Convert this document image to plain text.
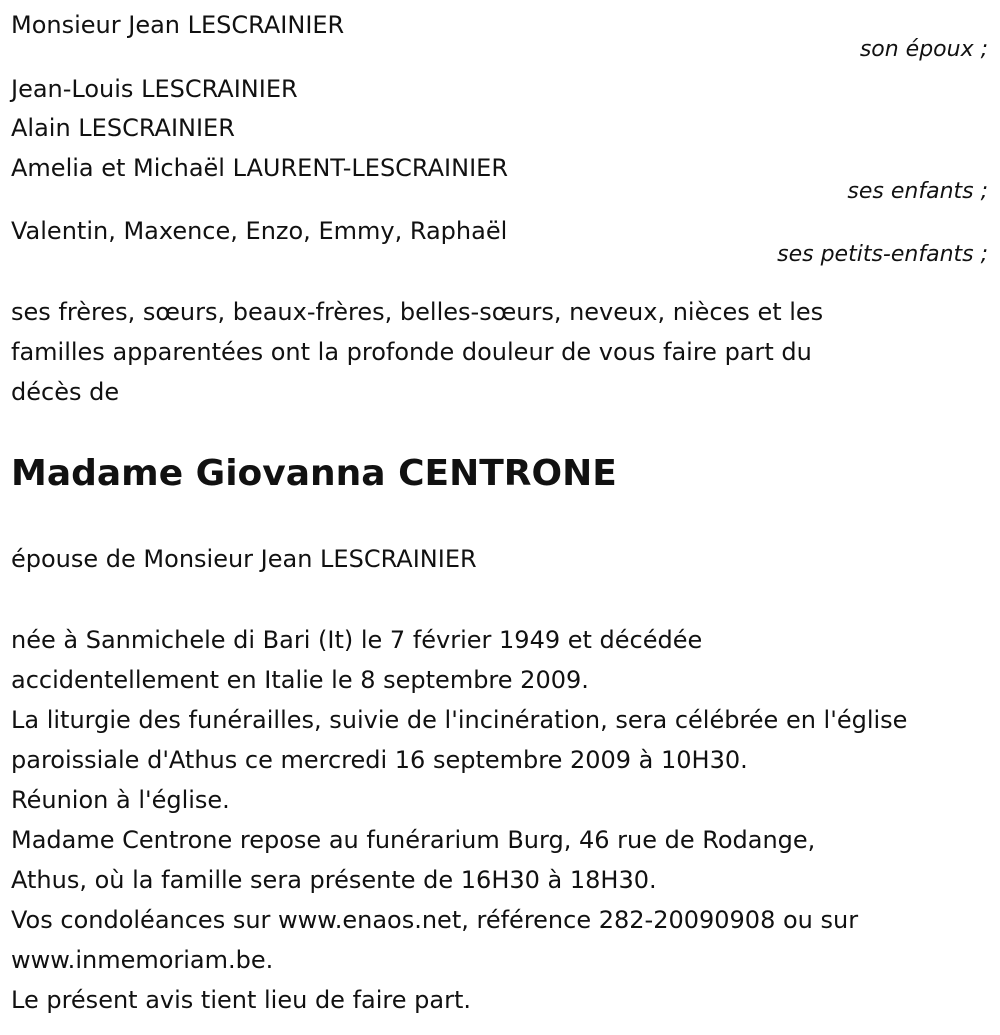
Monsieur Jean LESCRAINIER

son époux ;

Jean-Louis LESCRAINIER

Alain LESCRAINIER

Amelia et Michaël LAURENT-LESCRAINIER

ses enfants ;

Valentin, Maxence, Enzo, Emmy, Raphaël

ses petits-enfants ;

ses frères, sœurs, beaux-frères, belles-sœurs, neveux, nièces et les
familles apparentées ont la profonde douleur de vous faire part du
décès de
Madame Giovanna CENTRONE

épouse de Monsieur Jean LESCRAINIER

née à Sanmichele di Bari (It) le 7 février 1949 et décédée
accidentellement en Italie le 8 septembre 2009.
La liturgie des funérailles, suivie de l'incinération, sera célébrée en l'église
paroissiale d'Athus ce mercredi 16 septembre 2009 à 10H30.
Réunion à l'église.
Madame Centrone repose au funérarium Burg, 46 rue de Rodange,
Athus, où la famille sera présente de 16H30 à 18H30.
Vos condoléances sur www.enaos.net, référence 282-20090908 ou sur
www.inmemoriam.be.
Le présent avis tient lieu de faire part.
